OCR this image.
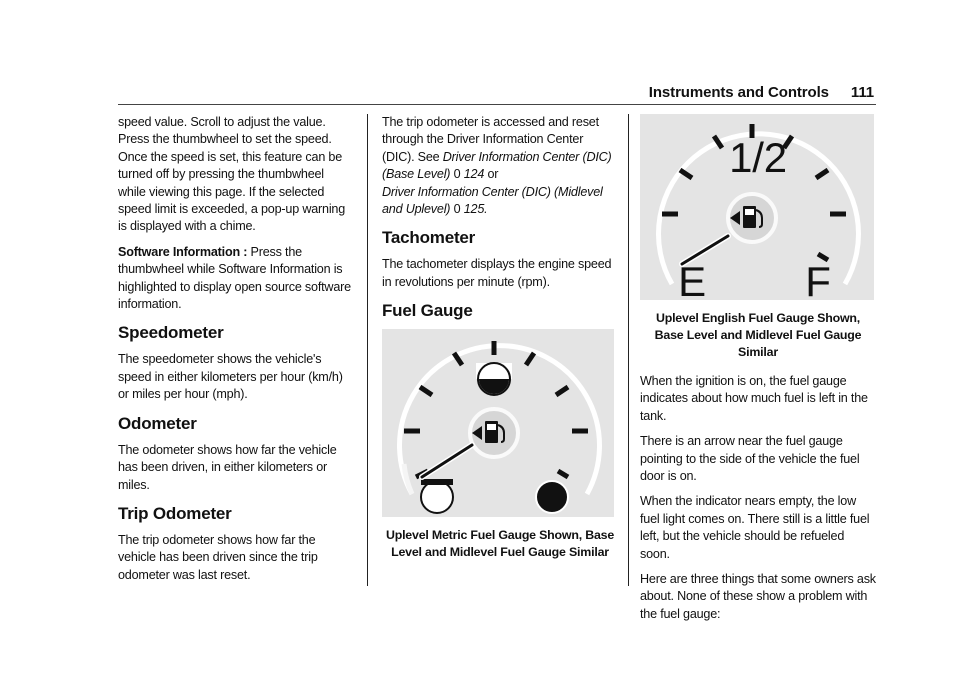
Instruments and Controls 111

speed value. Scroll to adjust the value. Press the thumbwheel to set the speed. Once the speed is set, this feature can be turned off by pressing the thumbwheel while viewing this page. If the selected speed limit is exceeded, a pop-up warning is displayed with a chime.

Software Information : Press the thumbwheel while Software Information is highlighted to display open source software information.

Speedometer

The speedometer shows the vehicle's speed in either kilometers per hour (km/h) or miles per hour (mph).

Odometer

The odometer shows how far the vehicle has been driven, in either kilometers or miles.

Trip Odometer

The trip odometer shows how far the vehicle has been driven since the trip odometer was last reset.

The trip odometer is accessed and reset through the Driver Information Center (DIC). See Driver Information Center (DIC) (Base Level) 0 124 or
Driver Information Center (DIC) (Midlevel and Uplevel) 0 125.

Tachometer

The tachometer displays the engine speed in revolutions per minute (rpm).

Fuel Gauge

Uplevel Metric Fuel Gauge Shown, Base Level and Midlevel Fuel Gauge Similar

1/2
E F

Uplevel English Fuel Gauge Shown, Base Level and Midlevel Fuel Gauge Similar

When the ignition is on, the fuel gauge indicates about how much fuel is left in the tank.

There is an arrow near the fuel gauge pointing to the side of the vehicle the fuel door is on.

When the indicator nears empty, the low fuel light comes on. There still is a little fuel left, but the vehicle should be refueled soon.

Here are three things that some owners ask about. None of these show a problem with the fuel gauge:
